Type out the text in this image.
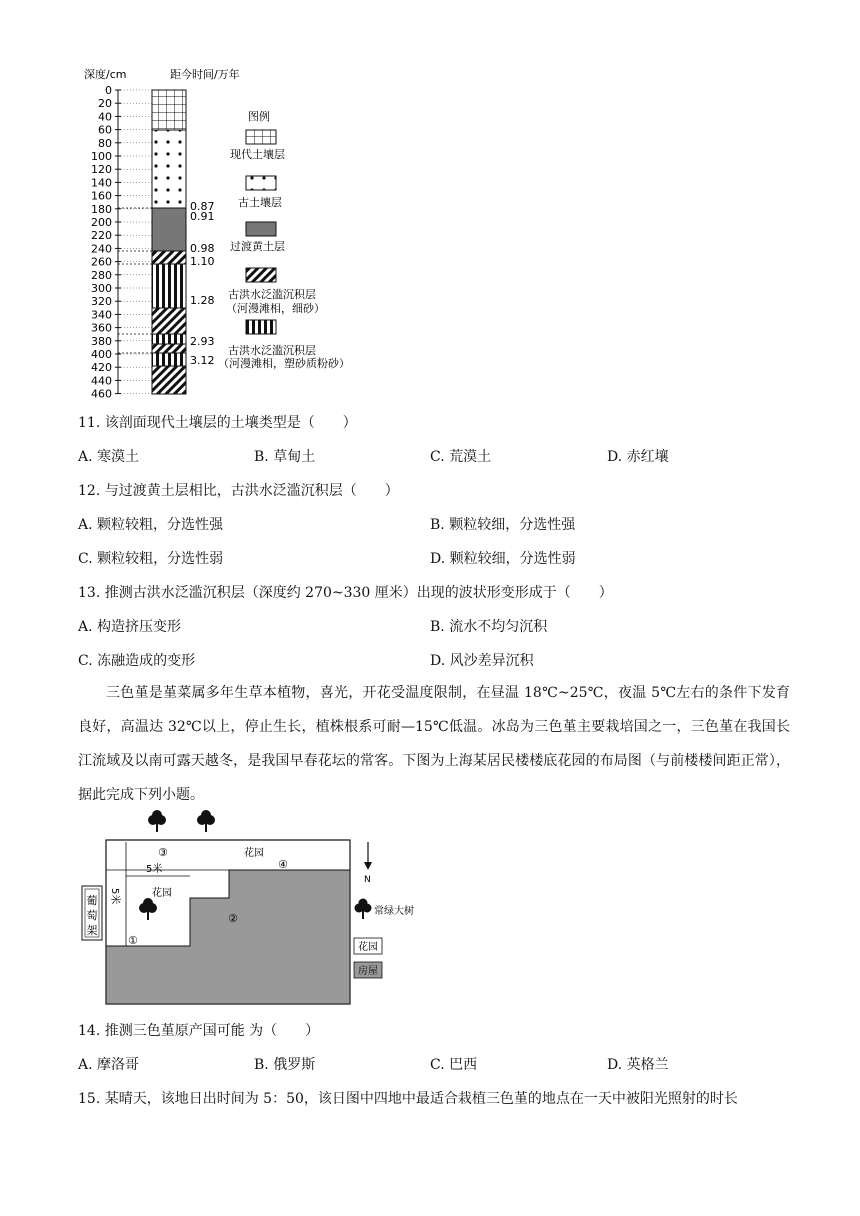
深度/cm	距今时间/万年
0
20
40
60
80
100
120
140
160
180
200
220
240
260
280
300
320
340
360
380
400
420
440
460
0.87
0.91
0.98
1.10
1.28
2.93
3.12
图例
现代土壤层
古土壤层
过渡黄土层
古洪水泛滥沉积层
（河漫滩相，细砂）
古洪水泛滥沉积层
（河漫滩相，塑砂质粉砂）
11. 该剖面现代土壤层的土壤类型是（　　）
A. 寒漠土	B. 草甸土	C. 荒漠土	D. 赤红壤
12. 与过渡黄土层相比，古洪水泛滥沉积层（　　）
A. 颗粒较粗，分选性强	B. 颗粒较细，分选性强
C. 颗粒较粗，分选性弱	D. 颗粒较细，分选性弱
13. 推测古洪水泛滥沉积层（深度约 270~330 厘米）出现的波状形变形成于（　　）
A. 构造挤压变形	B. 流水不均匀沉积
C. 冻融造成的变形	D. 风沙差异沉积
三色堇是堇菜属多年生草本植物，喜光，开花受温度限制，在昼温 18℃~25℃，夜温 5℃左右的条件下发育良好，高温达 32℃以上，停止生长，植株根系可耐—15℃低温。冰岛为三色堇主要栽培国之一，三色堇在我国长江流域及以南可露天越冬，是我国早春花坛的常客。下图为上海某居民楼楼底花园的布局图（与前楼楼间距正常），据此完成下列小题。
5米
5米
③	花园
④
花园
②
①
葡
萄
架
N
常绿大树
花园
房屋
14. 推测三色堇原产国可能 为（　　）
A. 摩洛哥	B. 俄罗斯	C. 巴西	D. 英格兰
15. 某晴天，该地日出时间为 5：50，该日图中四地中最适合栽植三色堇的地点在一天中被阳光照射的时长
